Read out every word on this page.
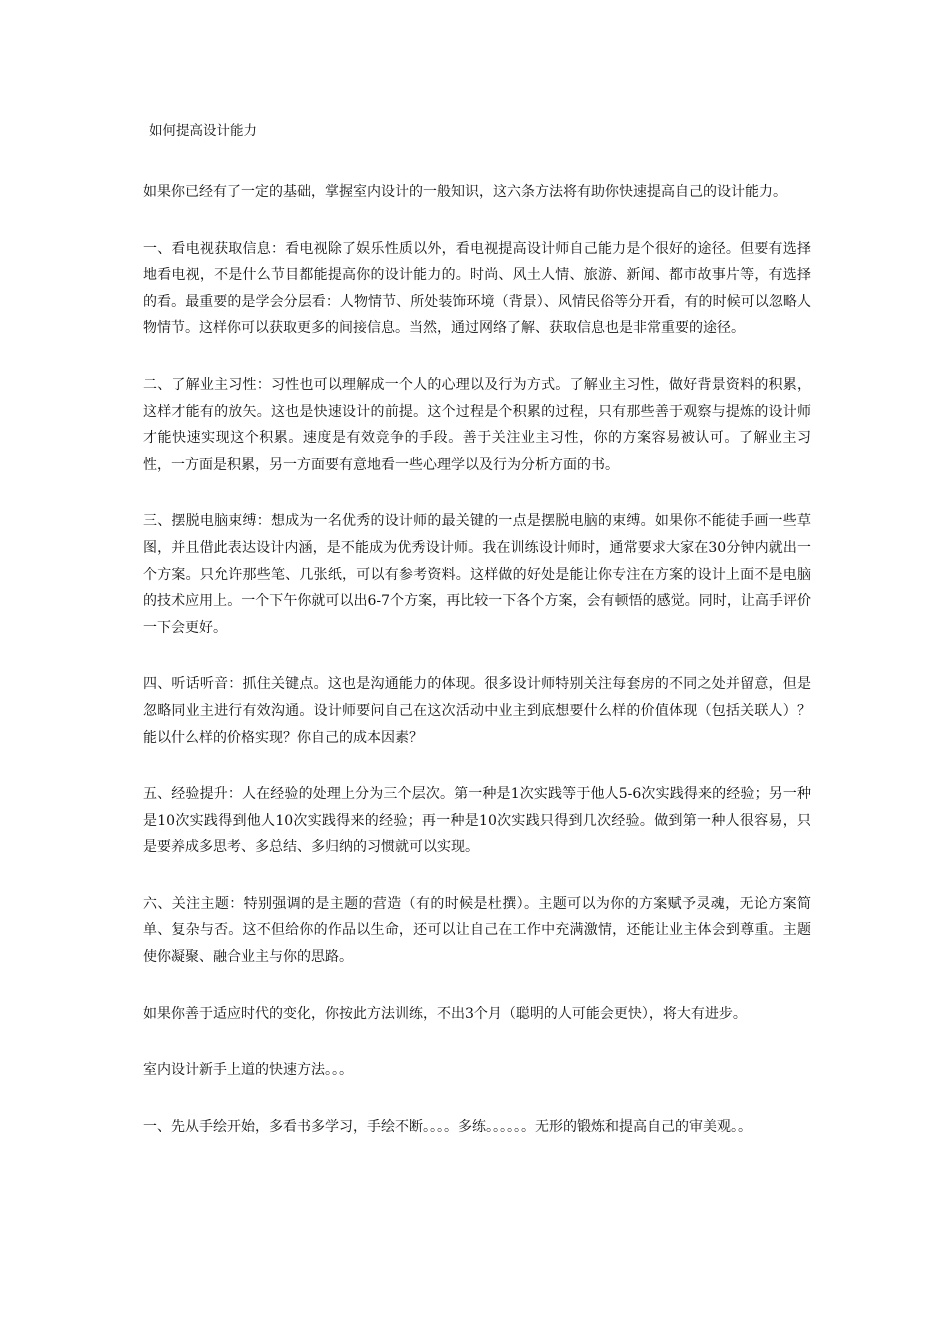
如何提高设计能力

如果你已经有了一定的基础，掌握室内设计的一般知识，这六条方法将有助你快速提高自己的设计能力。

一、看电视获取信息：看电视除了娱乐性质以外，看电视提高设计师自己能力是个很好的途径。但要有选择地看电视，不是什么节目都能提高你的设计能力的。时尚、风土人情、旅游、新闻、都市故事片等，有选择的看。最重要的是学会分层看：人物情节、所处装饰环境（背景）、风情民俗等分开看，有的时候可以忽略人物情节。这样你可以获取更多的间接信息。当然，通过网络了解、获取信息也是非常重要的途径。

二、了解业主习性：习性也可以理解成一个人的心理以及行为方式。了解业主习性，做好背景资料的积累，这样才能有的放矢。这也是快速设计的前提。这个过程是个积累的过程，只有那些善于观察与提炼的设计师才能快速实现这个积累。速度是有效竞争的手段。善于关注业主习性，你的方案容易被认可。了解业主习性，一方面是积累，另一方面要有意地看一些心理学以及行为分析方面的书。

三、摆脱电脑束缚：想成为一名优秀的设计师的最关键的一点是摆脱电脑的束缚。如果你不能徒手画一些草图，并且借此表达设计内涵，是不能成为优秀设计师。我在训练设计师时，通常要求大家在30分钟内就出一个方案。只允许那些笔、几张纸，可以有参考资料。这样做的好处是能让你专注在方案的设计上面不是电脑的技术应用上。一个下午你就可以出6-7个方案，再比较一下各个方案，会有顿悟的感觉。同时，让高手评价一下会更好。

四、听话听音：抓住关键点。这也是沟通能力的体现。很多设计师特别关注每套房的不同之处并留意，但是忽略同业主进行有效沟通。设计师要问自己在这次活动中业主到底想要什么样的价值体现（包括关联人）？能以什么样的价格实现？你自己的成本因素？

五、经验提升：人在经验的处理上分为三个层次。第一种是1次实践等于他人5-6次实践得来的经验；另一种是10次实践得到他人10次实践得来的经验；再一种是10次实践只得到几次经验。做到第一种人很容易，只是要养成多思考、多总结、多归纳的习惯就可以实现。

六、关注主题：特别强调的是主题的营造（有的时候是杜撰）。主题可以为你的方案赋予灵魂，无论方案简单、复杂与否。这不但给你的作品以生命，还可以让自己在工作中充满激情，还能让业主体会到尊重。主题使你凝聚、融合业主与你的思路。

如果你善于适应时代的变化，你按此方法训练，不出3个月（聪明的人可能会更快），将大有进步。

室内设计新手上道的快速方法。。。

一、先从手绘开始，多看书多学习，手绘不断。。。。多练。。。。。。无形的锻炼和提高自己的审美观。。
